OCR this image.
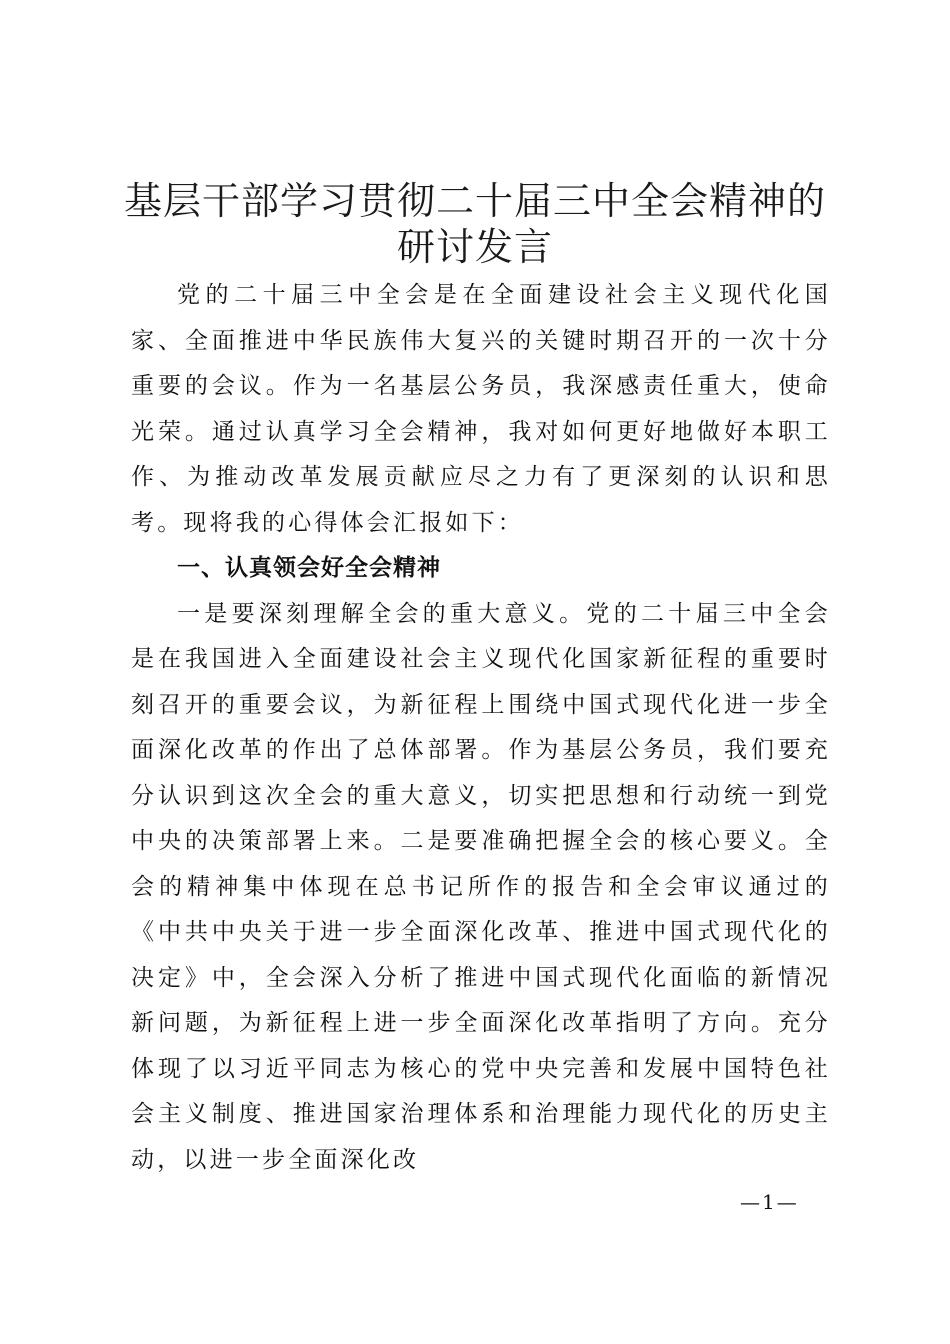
基层干部学习贯彻二十届三中全会精神的研讨发言

党的二十届三中全会是在全面建设社会主义现代化国家、全面推进中华民族伟大复兴的关键时期召开的一次十分重要的会议。作为一名基层公务员，我深感责任重大，使命光荣。通过认真学习全会精神，我对如何更好地做好本职工作、为推动改革发展贡献应尽之力有了更深刻的认识和思考。现将我的心得体会汇报如下：

一、认真领会好全会精神

一是要深刻理解全会的重大意义。党的二十届三中全会是在我国进入全面建设社会主义现代化国家新征程的重要时刻召开的重要会议，为新征程上围绕中国式现代化进一步全面深化改革的作出了总体部署。作为基层公务员，我们要充分认识到这次全会的重大意义，切实把思想和行动统一到党中央的决策部署上来。二是要准确把握全会的核心要义。全会的精神集中体现在总书记所作的报告和全会审议通过的《中共中央关于进一步全面深化改革、推进中国式现代化的决定》中，全会深入分析了推进中国式现代化面临的新情况新问题，为新征程上进一步全面深化改革指明了方向。充分体现了以习近平同志为核心的党中央完善和发展中国特色社会主义制度、推进国家治理体系和治理能力现代化的历史主动，以进一步全面深化改

—1—
